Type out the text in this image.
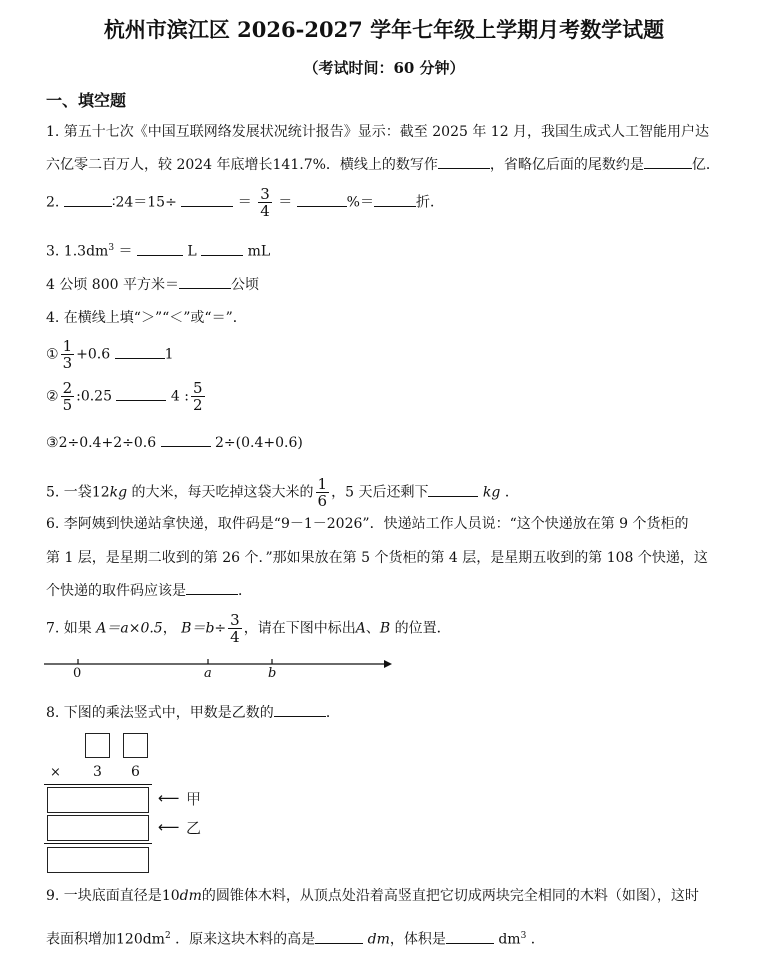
杭州市滨江区 2026-2027 学年七年级上学期月考数学试题
（考试时间：60 分钟）
一、填空题
1. 第五十七次《中国互联网络发展状况统计报告》显示：截至 2025 年 12 月，我国生成式人工智能用户达
六亿零二百万人，较 2024 年底增长141.7%．横线上的数写作	，省略亿后面的尾数约是	亿．
2.	∶24＝15÷	＝ $\frac{3}{4}$ ＝	%＝	折．
3. $1.3dm^3$ ＝	L	mL
4 公顷 800 平方米＝	公顷
4. 在横线上填“＞”“＜”或“＝”．
① $\frac{1}{3} +0.6$	1
② $\frac{2}{5}$ :0.25	4 : $\frac{5}{2}$
③2÷0.4+2÷0.6	2÷(0.4+0.6)
5. 一袋12kg 的大米，每天吃掉这袋大米的 $\frac{1}{6}$ ，5 天后还剩下	kg ．
6. 李阿姨到快递站拿快递，取件码是“9－1－2026”．快递站工作人员说：“这个快递放在第 9 个货柜的
第 1 层，是星期二收到的第 26 个．”那如果放在第 5 个货柜的第 4 层，是星期五收到的第 108 个快递，这
个快递的取件码应该是	．
7. 如果 A＝a×0.5， $B=b\div \frac{3}{4}$ ，请在下图中标出A、B 的位置．
0	a	b
8. 下图的乘法竖式中，甲数是乙数的	．
× 3 6
⟵ 甲
⟵ 乙
9. 一块底面直径是10dm的圆锥体木料，从顶点处沿着高竖直把它切成两块完全相同的木料（如图），这时
表面积增加$120dm^2$ ．原来这块木料的高是	dm，体积是	$dm^3$ ．
